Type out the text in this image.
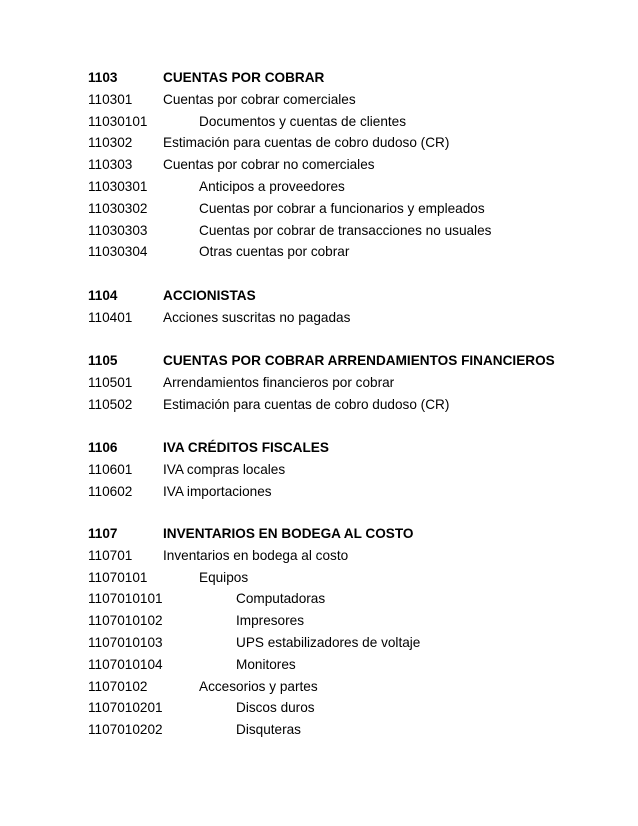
1103	CUENTAS POR COBRAR
110301 Cuentas por cobrar comerciales
11030101	Documentos y cuentas de clientes
110302 Estimación para cuentas de cobro dudoso (CR)
110303 Cuentas por cobrar no comerciales
11030301	Anticipos a proveedores
11030302	Cuentas por cobrar a funcionarios y empleados
11030303	Cuentas por cobrar de transacciones no usuales
11030304	Otras cuentas por cobrar
1104	ACCIONISTAS
110401 Acciones suscritas no pagadas
1105	CUENTAS POR COBRAR ARRENDAMIENTOS FINANCIEROS
110501 Arrendamientos financieros por cobrar
110502 Estimación para cuentas de cobro dudoso (CR)
1106	IVA CRÉDITOS FISCALES
110601 IVA compras locales
110602 IVA importaciones
1107	INVENTARIOS EN BODEGA AL COSTO
110701 Inventarios en bodega al costo
11070101	Equipos
1107010101	Computadoras
1107010102	Impresores
1107010103	UPS estabilizadores de voltaje
1107010104	Monitores
11070102	Accesorios y partes
1107010201	Discos duros
1107010202	Disquteras
